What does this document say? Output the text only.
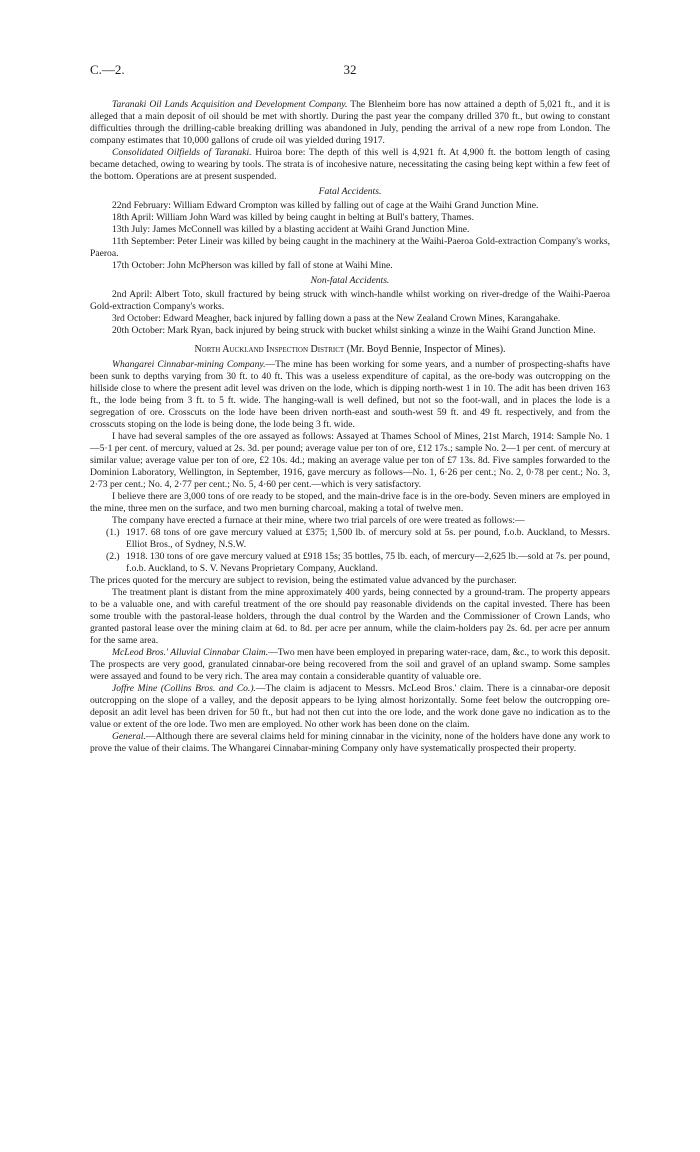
C.—2.	32

Taranaki Oil Lands Acquisition and Development Company. The Blenheim bore has now attained a depth of 5,021 ft., and it is alleged that a main deposit of oil should be met with shortly. During the past year the company drilled 370 ft., but owing to constant difficulties through the drilling-cable breaking drilling was abandoned in July, pending the arrival of a new rope from London. The company estimates that 10,000 gallons of crude oil was yielded during 1917.

Consolidated Oilfields of Taranaki. Huiroa bore: The depth of this well is 4,921 ft. At 4,900 ft. the bottom length of casing became detached, owing to wearing by tools. The strata is of incohesive nature, necessitating the casing being kept within a few feet of the bottom. Operations are at present suspended.

Fatal Accidents.

22nd February: William Edward Crompton was killed by falling out of cage at the Waihi Grand Junction Mine.

18th April: William John Ward was killed by being caught in belting at Bull's battery, Thames.

13th July: James McConnell was killed by a blasting accident at Waihi Grand Junction Mine.

11th September: Peter Lineir was killed by being caught in the machinery at the Waihi-Paeroa Gold-extraction Company's works, Paeroa.

17th October: John McPherson was killed by fall of stone at Waihi Mine.

Non-fatal Accidents.

2nd April: Albert Toto, skull fractured by being struck with winch-handle whilst working on river-dredge of the Waihi-Paeroa Gold-extraction Company's works.

3rd October: Edward Meagher, back injured by falling down a pass at the New Zealand Crown Mines, Karangahake.

20th October: Mark Ryan, back injured by being struck with bucket whilst sinking a winze in the Waihi Grand Junction Mine.

North Auckland Inspection District (Mr. Boyd Bennie, Inspector of Mines).

Whangarei Cinnabar-mining Company.—The mine has been working for some years, and a number of prospecting-shafts have been sunk to depths varying from 30 ft. to 40 ft. This was a useless expenditure of capital, as the ore-body was outcropping on the hillside close to where the present adit level was driven on the lode, which is dipping north-west 1 in 10. The adit has been driven 163 ft., the lode being from 3 ft. to 5 ft. wide. The hanging-wall is well defined, but not so the foot-wall, and in places the lode is a segregation of ore. Crosscuts on the lode have been driven north-east and south-west 59 ft. and 49 ft. respectively, and from the crosscuts stoping on the lode is being done, the lode being 3 ft. wide.

I have had several samples of the ore assayed as follows: Assayed at Thames School of Mines, 21st March, 1914: Sample No. 1—5·1 per cent. of mercury, valued at 2s. 3d. per pound; average value per ton of ore, £12 17s.; sample No. 2—1 per cent. of mercury at similar value; average value per ton of ore, £2 10s. 4d.; making an average value per ton of £7 13s. 8d. Five samples forwarded to the Dominion Laboratory, Wellington, in September, 1916, gave mercury as follows—No. 1, 6·26 per cent.; No. 2, 0·78 per cent.; No. 3, 2·73 per cent.; No. 4, 2·77 per cent.; No. 5, 4·60 per cent.—which is very satisfactory.

I believe there are 3,000 tons of ore ready to be stoped, and the main-drive face is in the ore-body. Seven miners are employed in the mine, three men on the surface, and two men burning charcoal, making a total of twelve men.

The company have erected a furnace at their mine, where two trial parcels of ore were treated as follows:—

(1.) 1917. 68 tons of ore gave mercury valued at £375; 1,500 lb. of mercury sold at 5s. per pound, f.o.b. Auckland, to Messrs. Elliot Bros., of Sydney, N.S.W.

(2.) 1918. 130 tons of ore gave mercury valued at £918 15s; 35 bottles, 75 lb. each, of mercury—2,625 lb.—sold at 7s. per pound, f.o.b. Auckland, to S. V. Nevans Proprietary Company, Auckland.

The prices quoted for the mercury are subject to revision, being the estimated value advanced by the purchaser.

The treatment plant is distant from the mine approximately 400 yards, being connected by a ground-tram. The property appears to be a valuable one, and with careful treatment of the ore should pay reasonable dividends on the capital invested. There has been some trouble with the pastoral-lease holders, through the dual control by the Warden and the Commissioner of Crown Lands, who granted pastoral lease over the mining claim at 6d. to 8d. per acre per annum, while the claim-holders pay 2s. 6d. per acre per annum for the same area.

McLeod Bros.' Alluvial Cinnabar Claim.—Two men have been employed in preparing water-race, dam, &c., to work this deposit. The prospects are very good, granulated cinnabar-ore being recovered from the soil and gravel of an upland swamp. Some samples were assayed and found to be very rich. The area may contain a considerable quantity of valuable ore.

Joffre Mine (Collins Bros. and Co.).—The claim is adjacent to Messrs. McLeod Bros.' claim. There is a cinnabar-ore deposit outcropping on the slope of a valley, and the deposit appears to be lying almost horizontally. Some feet below the outcropping ore-deposit an adit level has been driven for 50 ft., but had not then cut into the ore lode, and the work done gave no indication as to the value or extent of the ore lode. Two men are employed. No other work has been done on the claim.

General.—Although there are several claims held for mining cinnabar in the vicinity, none of the holders have done any work to prove the value of their claims. The Whangarei Cinnabar-mining Company only have systematically prospected their property.
